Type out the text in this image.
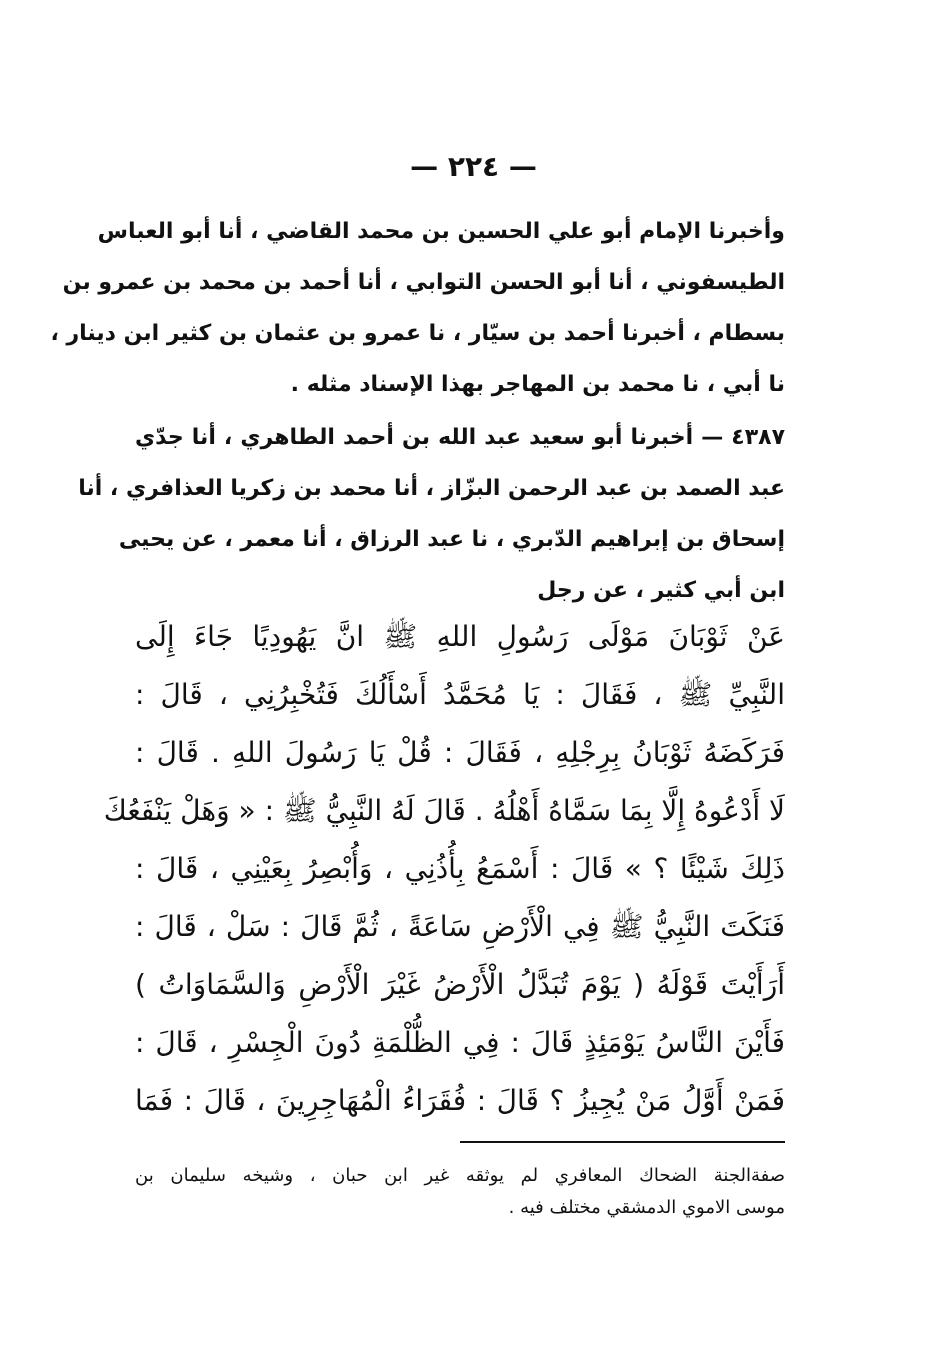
— ٢٢٤ —
وأخبرنا الإمام أبو علي الحسين بن محمد القاضي ، أنا أبو العباس
الطيسفوني ، أنا أبو الحسن التوابي ، أنا أحمد بن محمد بن عمرو بن
بسطام ، أخبرنا أحمد بن سيّار ، نا عمرو بن عثمان بن كثير ابن دينار ،
نا أبي ، نا محمد بن المهاجر بهذا الإسناد مثله .
٤٣٨٧ — أخبرنا أبو سعيد عبد الله بن أحمد الطاهري ، أنا جدّي
عبد الصمد بن عبد الرحمن البزّاز ، أنا محمد بن زكريا العذافري ، أنا
إسحاق بن إبراهيم الدّبري ، نا عبد الرزاق ، أنا معمر ، عن يحيى
ابن أبي كثير ، عن رجل
عَنْ ثَوْبَانَ مَوْلَى رَسُولِ اللهِ ﷺ انَّ يَهُودِيًا جَاءَ إِلَى
النَّبِيِّ ﷺ ، فَقَالَ : يَا مُحَمَّدُ أَسْأَلُكَ فَتُخْبِرُنِي ، قَالَ :
فَرَكَضَهُ ثَوْبَانُ بِرِجْلِهِ ، فَقَالَ : قُلْ يَا رَسُولَ اللهِ . قَالَ :
لَا أَدْعُوهُ إِلَّا بِمَا سَمَّاهُ أَهْلُهُ . قَالَ لَهُ النَّبِيُّ ﷺ : « وَهَلْ يَنْفَعُكَ
ذَلِكَ شَيْئًا ؟ » قَالَ : أَسْمَعُ بِأُذُنِي ، وَأُبْصِرُ بِعَيْنِي ، قَالَ :
فَنَكَتَ النَّبِيُّ ﷺ فِي الْأَرْضِ سَاعَةً ، ثُمَّ قَالَ : سَلْ ، قَالَ :
أَرَأَيْتَ قَوْلَهُ ( يَوْمَ تُبَدَّلُ الْأَرْضُ غَيْرَ الْأَرْضِ وَالسَّمَاوَاتُ )
فَأَيْنَ النَّاسُ يَوْمَئِذٍ قَالَ : فِي الظُّلْمَةِ دُونَ الْجِسْرِ ، قَالَ :
فَمَنْ أَوَّلُ مَنْ يُجِيزُ ؟ قَالَ : فُقَرَاءُ الْمُهَاجِرِينَ ، قَالَ : فَمَا
صفةالجنة الضحاك المعافري لم يوثقه غير ابن حبان ، وشيخه سليمان بن
موسى الاموي الدمشقي مختلف فيه .
